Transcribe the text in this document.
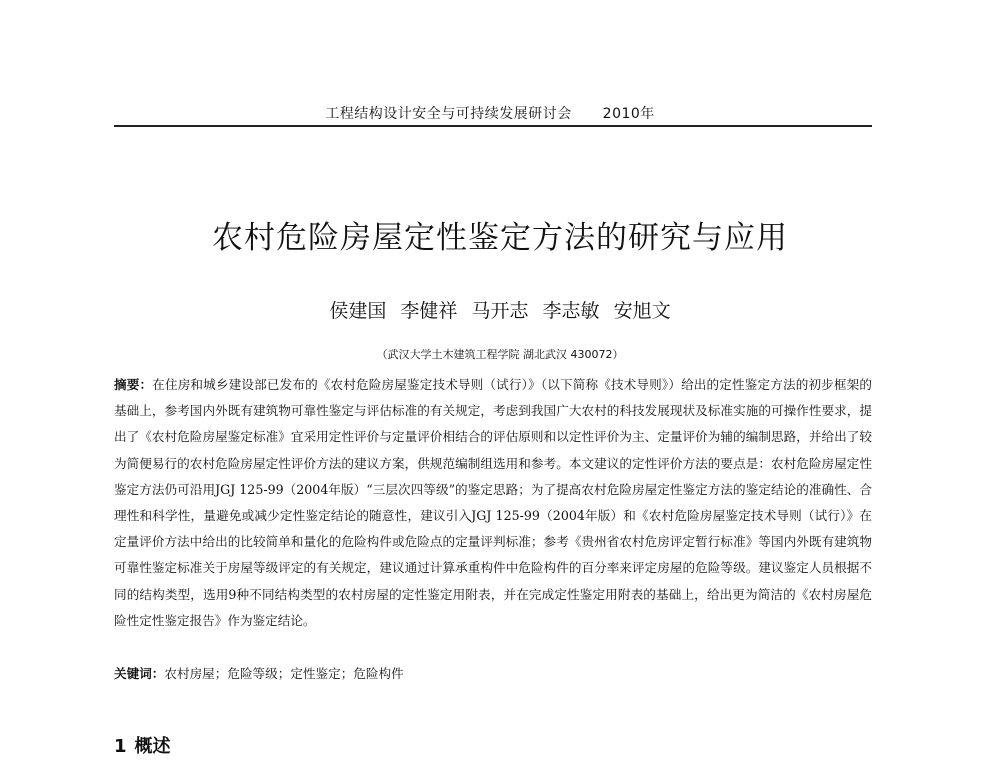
工程结构设计安全与可持续发展研讨会 2010年
农村危险房屋定性鉴定方法的研究与应用
侯建国 李健祥 马开志 李志敏 安旭文
（武汉大学土木建筑工程学院 湖北武汉 430072）
摘要：在住房和城乡建设部已发布的《农村危险房屋鉴定技术导则（试行）》（以下简称《技术导则》）给出的定性鉴定方法的初步框架的基础上，参考国内外既有建筑物可靠性鉴定与评估标准的有关规定，考虑到我国广大农村的科技发展现状及标准实施的可操作性要求，提出了《农村危险房屋鉴定标准》宜采用定性评价与定量评价相结合的评估原则和以定性评价为主、定量评价为辅的编制思路，并给出了较为简便易行的农村危险房屋定性评价方法的建议方案，供规范编制组选用和参考。本文建议的定性评价方法的要点是：农村危险房屋定性鉴定方法仍可沿用JGJ 125-99（2004年版）“三层次四等级”的鉴定思路；为了提高农村危险房屋定性鉴定方法的鉴定结论的准确性、合理性和科学性，量避免或减少定性鉴定结论的随意性，建议引入JGJ 125-99（2004年版）和《农村危险房屋鉴定技术导则（试行）》在定量评价方法中给出的比较简单和量化的危险构件或危险点的定量评判标准；参考《贵州省农村危房评定暂行标准》等国内外既有建筑物可靠性鉴定标准关于房屋等级评定的有关规定，建议通过计算承重构件中危险构件的百分率来评定房屋的危险等级。建议鉴定人员根据不同的结构类型，选用9种不同结构类型的农村房屋的定性鉴定用附表，并在完成定性鉴定用附表的基础上，给出更为简洁的《农村房屋危险性定性鉴定报告》作为鉴定结论。
关键词：农村房屋；危险等级；定性鉴定；危险构件
1 概述
